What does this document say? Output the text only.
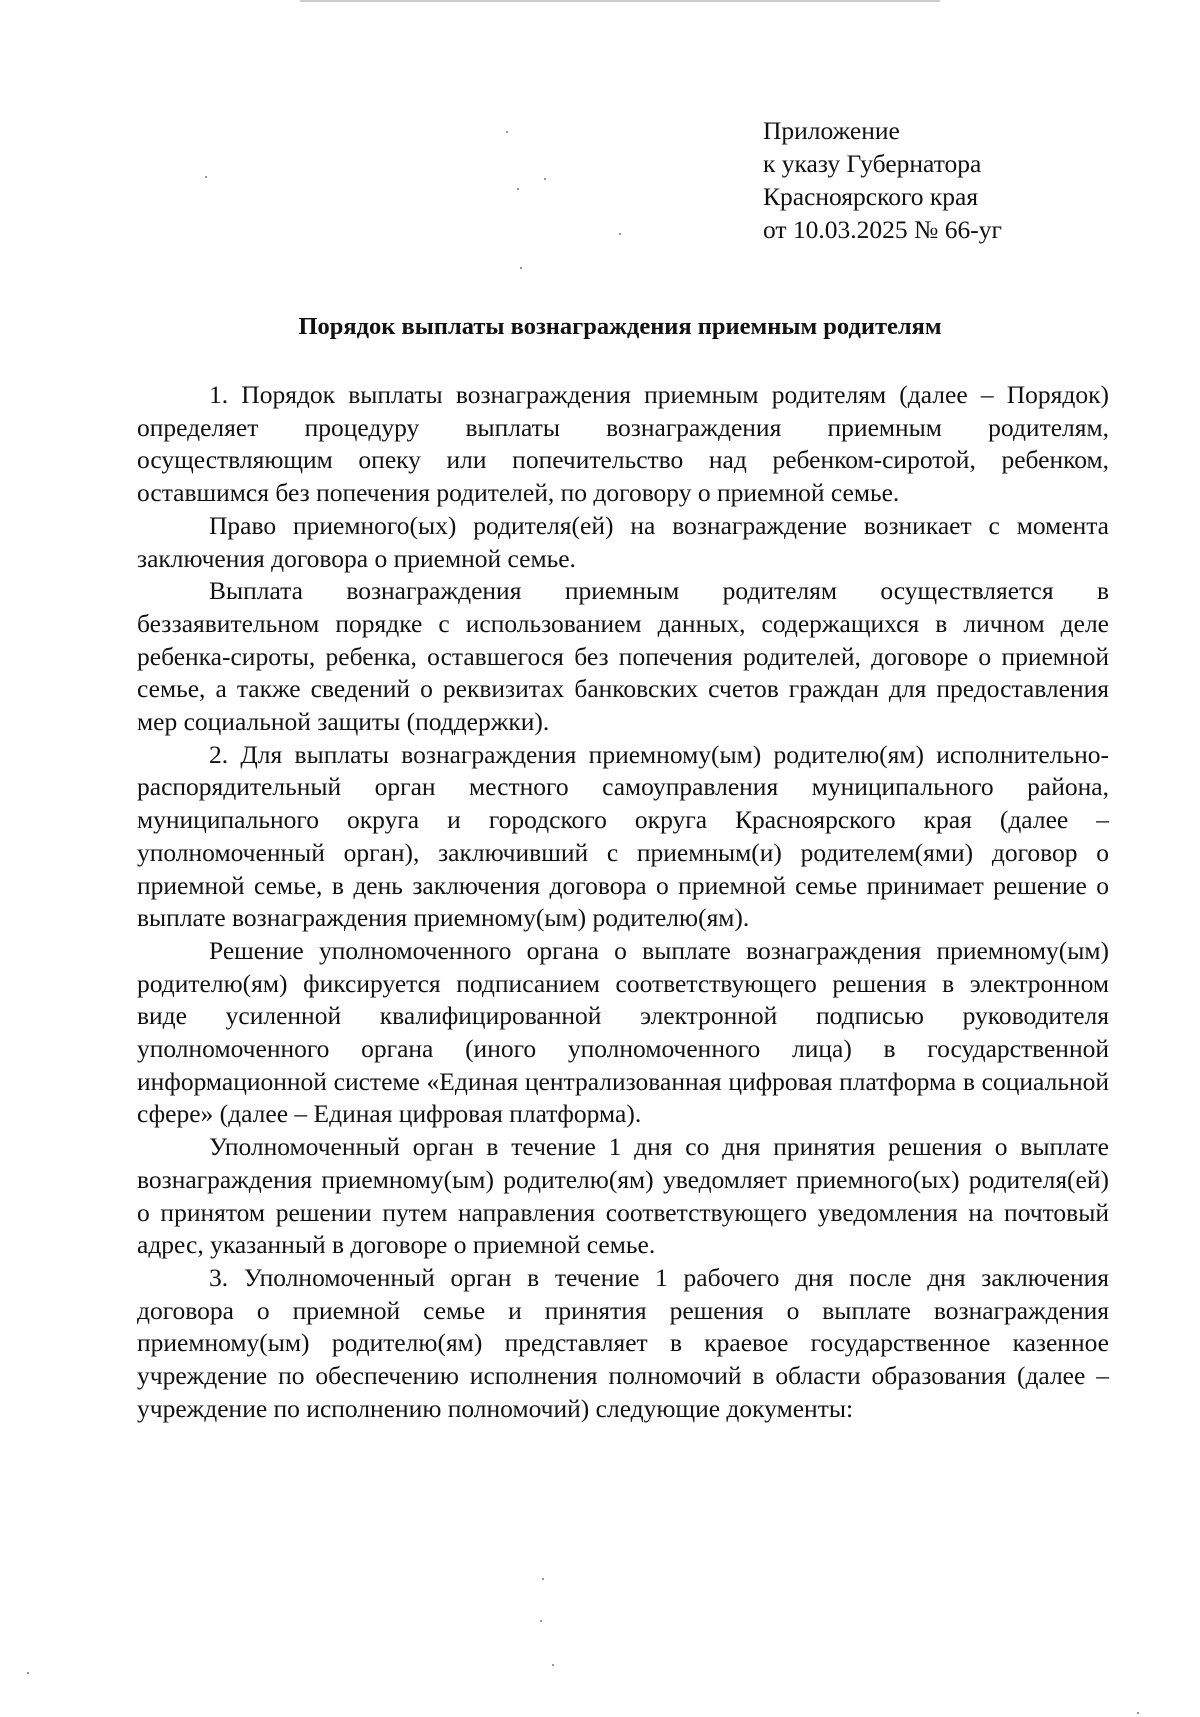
Приложение
к указу Губернатора
Красноярского края
от 10.03.2025 № 66-уг
Порядок выплаты вознаграждения приемным родителям

1. Порядок выплаты вознаграждения приемным родителям (далее – Порядок) определяет процедуру выплаты вознаграждения приемным родителям, осуществляющим опеку или попечительство над ребенком-сиротой, ребенком, оставшимся без попечения родителей, по договору о приемной семье.

Право приемного(ых) родителя(ей) на вознаграждение возникает с момента заключения договора о приемной семье.

Выплата вознаграждения приемным родителям осуществляется в беззаявительном порядке с использованием данных, содержащихся в личном деле ребенка-сироты, ребенка, оставшегося без попечения родителей, договоре о приемной семье, а также сведений о реквизитах банковских счетов граждан для предоставления мер социальной защиты (поддержки).

2. Для выплаты вознаграждения приемному(ым) родителю(ям) исполнительно-распорядительный орган местного самоуправления муниципального района, муниципального округа и городского округа Красноярского края (далее – уполномоченный орган), заключивший с приемным(и) родителем(ями) договор о приемной семье, в день заключения договора о приемной семье принимает решение о выплате вознаграждения приемному(ым) родителю(ям).

Решение уполномоченного органа о выплате вознаграждения приемному(ым) родителю(ям) фиксируется подписанием соответствующего решения в электронном виде усиленной квалифицированной электронной подписью руководителя уполномоченного органа (иного уполномоченного лица) в государственной информационной системе «Единая централизованная цифровая платформа в социальной сфере» (далее – Единая цифровая платформа).

Уполномоченный орган в течение 1 дня со дня принятия решения о выплате вознаграждения приемному(ым) родителю(ям) уведомляет приемного(ых) родителя(ей) о принятом решении путем направления соответствующего уведомления на почтовый адрес, указанный в договоре о приемной семье.

3. Уполномоченный орган в течение 1 рабочего дня после дня заключения договора о приемной семье и принятия решения о выплате вознаграждения приемному(ым) родителю(ям) представляет в краевое государственное казенное учреждение по обеспечению исполнения полномочий в области образования (далее – учреждение по исполнению полномочий) следующие документы:
